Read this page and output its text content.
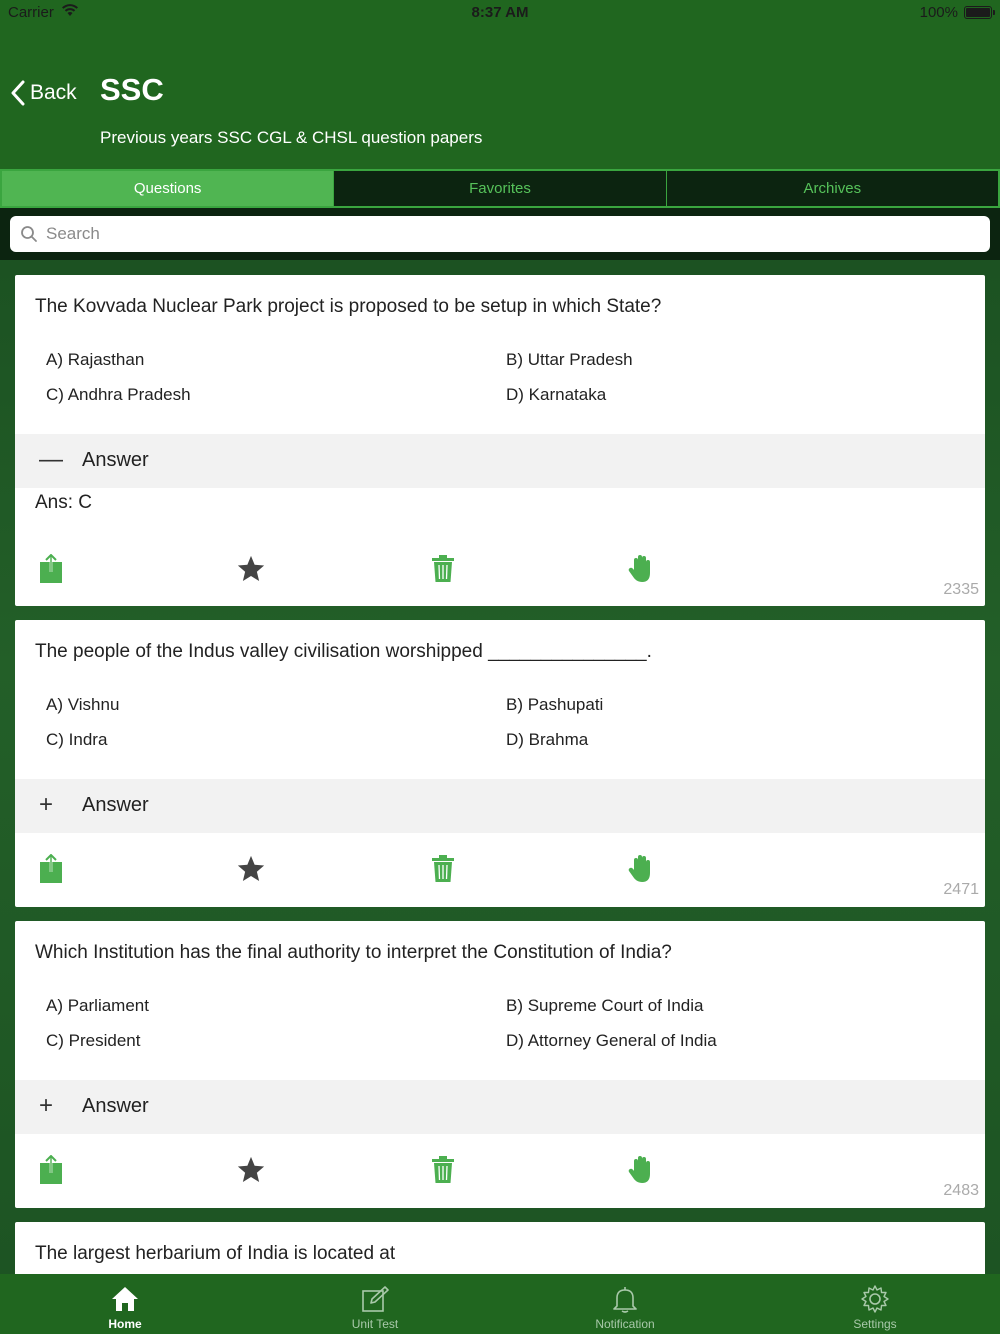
Carrier	8:37 AM	100%
Back SSC
Previous years SSC CGL & CHSL question papers
Questions	Favorites	Archives
Search
The Kovvada Nuclear Park project is proposed to be setup in which State?
A) Rajasthan	B) Uttar Pradesh
C) Andhra Pradesh	D) Karnataka
— Answer
Ans: C
2335
The people of the Indus valley civilisation worshipped _______________.
A) Vishnu	B) Pashupati
C) Indra	D) Brahma
+ Answer
2471
Which Institution has the final authority to interpret the Constitution of India?
A) Parliament	B) Supreme Court of India
C) President	D) Attorney General of India
+ Answer
2483
The largest herbarium of India is located at
Home	Unit Test	Notification	Settings
